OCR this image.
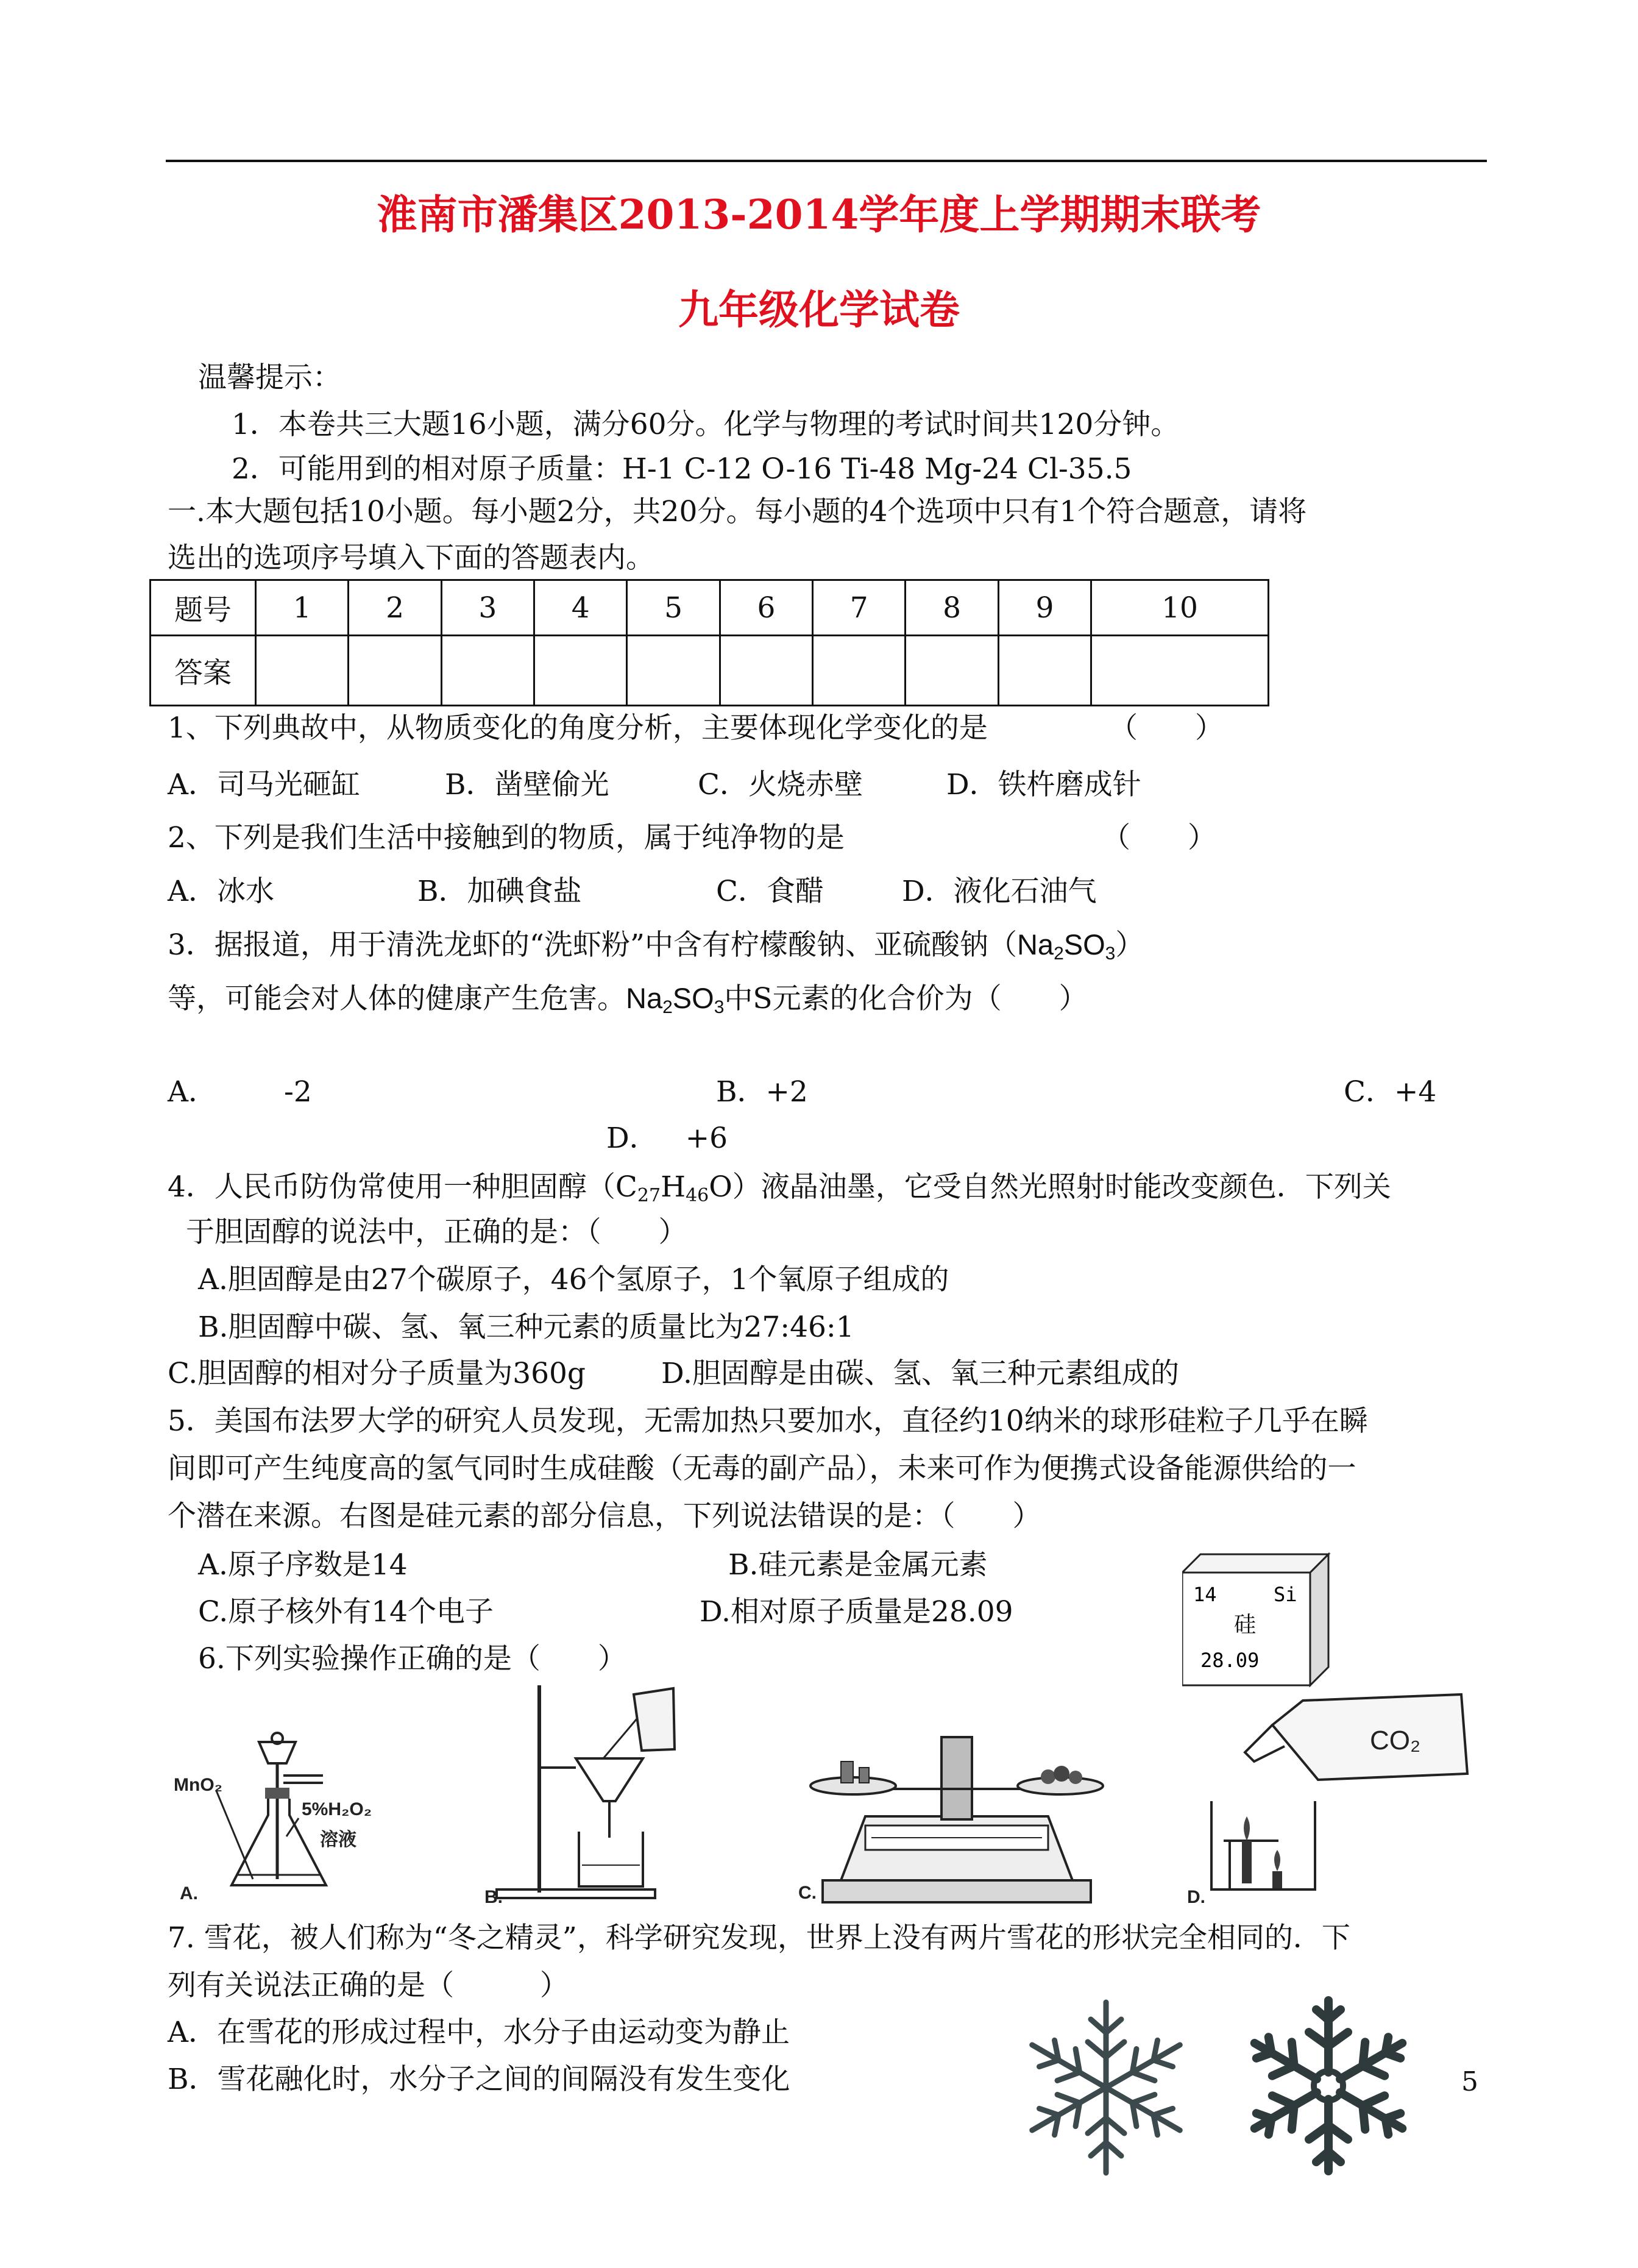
淮南市潘集区2013-2014学年度上学期期末联考
九年级化学试卷
温馨提示：
1．本卷共三大题16小题，满分60分。化学与物理的考试时间共120分钟。
2．可能用到的相对原子质量：H-1 C-12 O-16 Ti-48 Mg-24 Cl-35.5
一.本大题包括10小题。每小题2分，共20分。每小题的4个选项中只有1个符合题意，请将
选出的选项序号填入下面的答题表内。
题号	1	2	3	4	5	6	7	8	9	10
答案										
1、下列典故中，从物质变化的角度分析，主要体现化学变化的是	（　　）
A．司马光砸缸	B．凿壁偷光	C．火烧赤壁	D．铁杵磨成针
2、下列是我们生活中接触到的物质，属于纯净物的是	（　　）
A．冰水	B．加碘食盐	C．食醋	D．液化石油气
3．据报道，用于清洗龙虾的“洗虾粉”中含有柠檬酸钠、亚硫酸钠$(Na_2SO_3)$
等，可能会对人体的健康产生危害。$Na_2SO_3$中S元素的化合价为（　　）
A． -2	B．+2	C．+4
D． +6
4．人民币防伪常使用一种胆固醇$(C_{27}H_{46}O)$液晶油墨，它受自然光照射时能改变颜色．下列关
于胆固醇的说法中，正确的是：（　　）
A.胆固醇是由27个碳原子，46个氢原子，1个氧原子组成的
B.胆固醇中碳、氢、氧三种元素的质量比为27:46:1
C.胆固醇的相对分子质量为360g	D.胆固醇是由碳、氢、氧三种元素组成的
5．美国布法罗大学的研究人员发现，无需加热只要加水，直径约10纳米的球形硅粒子几乎在瞬
间即可产生纯度高的氢气同时生成硅酸（无毒的副产品），未来可作为便携式设备能源供给的一
个潜在来源。右图是硅元素的部分信息，下列说法错误的是：（　　）
A.原子序数是14	B.硅元素是金属元素
C.原子核外有14个电子	D.相对原子质量是28.09
14	Si
硅
28.09
6.下列实验操作正确的是（　　）
MnO₂
5%H₂O₂
溶液
A.	B.	C.
CO₂
D.
7. 雪花，被人们称为“冬之精灵”，科学研究发现，世界上没有两片雪花的形状完全相同的．下
列有关说法正确的是（　　　）
A．在雪花的形成过程中，水分子由运动变为静止
B．雪花融化时，水分子之间的间隔没有发生变化	5
